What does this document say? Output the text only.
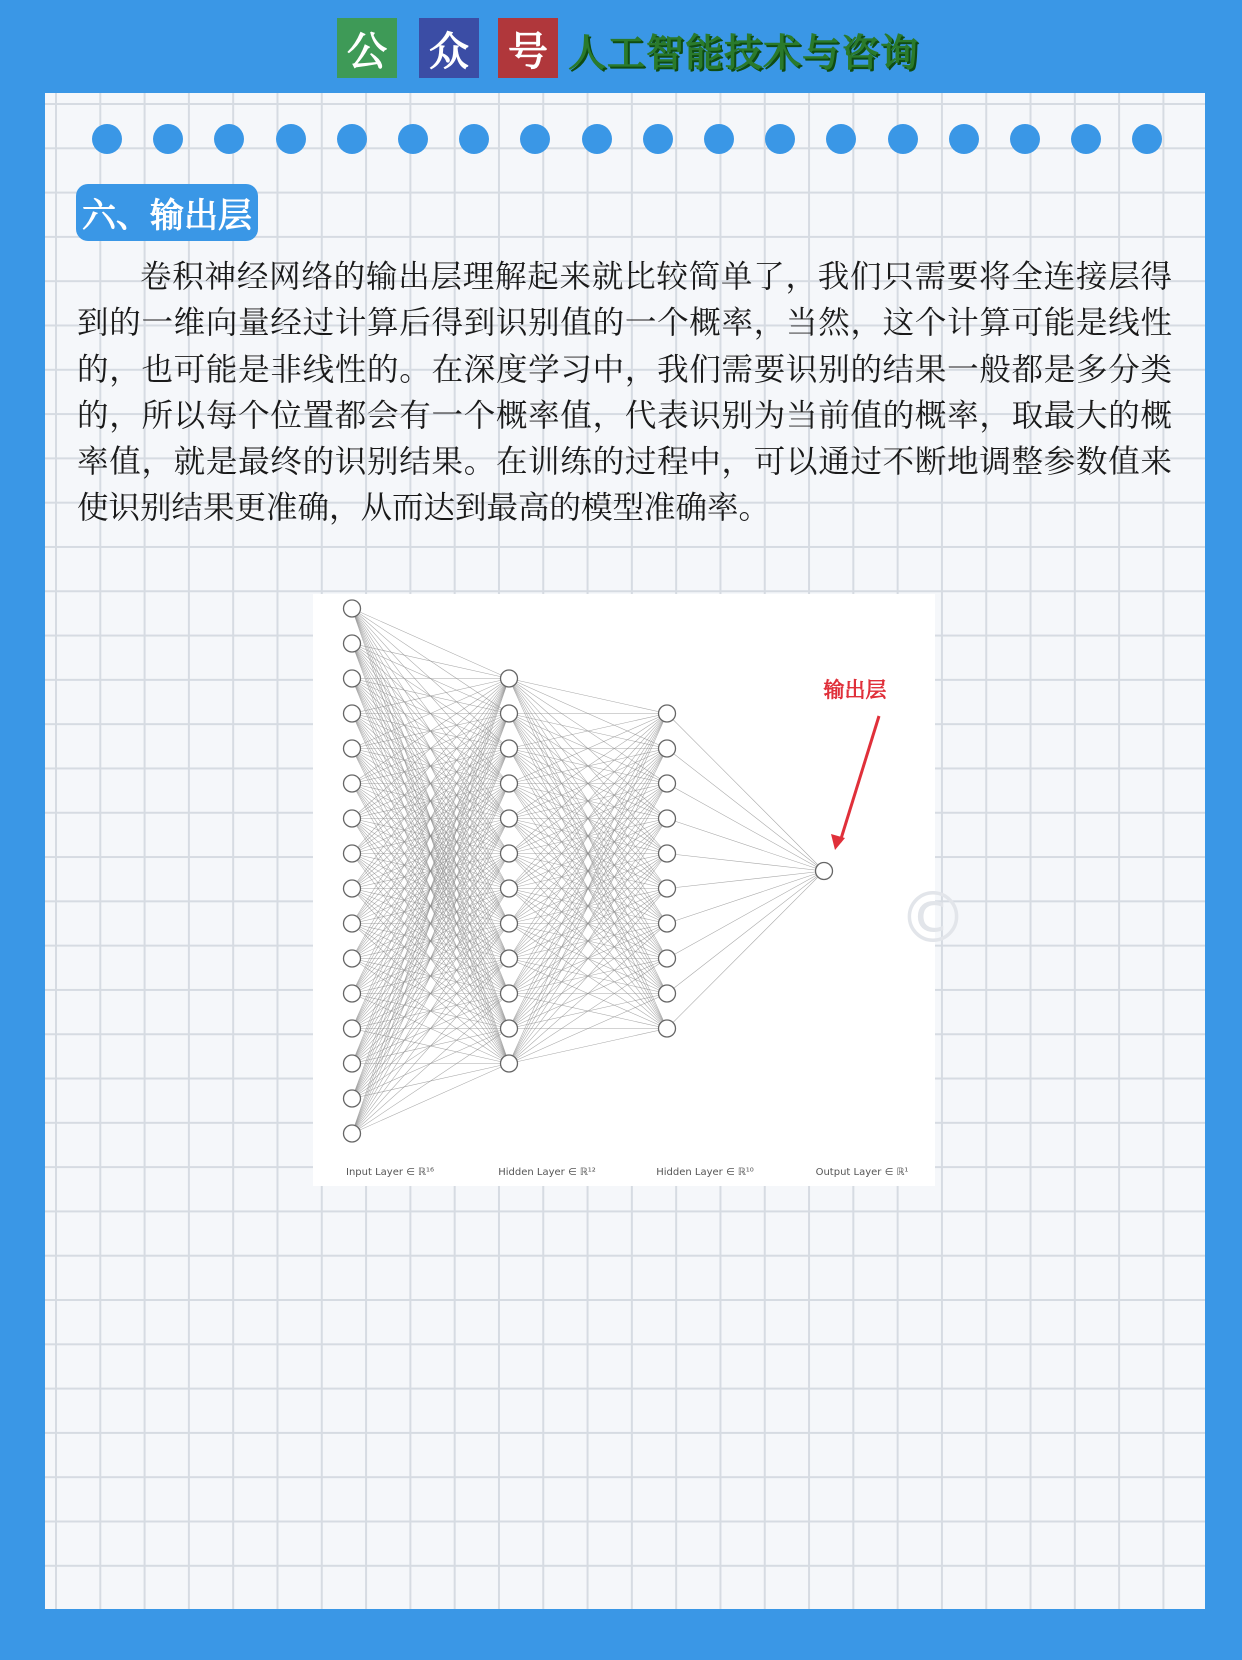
公 众 号 人工智能技术与咨询
六、输出层

卷积神经网络的输出层理解起来就比较简单了，我们只需要将全连接层得到的一维向量经过计算后得到识别值的一个概率，当然，这个计算可能是线性的，也可能是非线性的。在深度学习中，我们需要识别的结果一般都是多分类的，所以每个位置都会有一个概率值，代表识别为当前值的概率，取最大的概率值，就是最终的识别结果。在训练的过程中，可以通过不断地调整参数值来使识别结果更准确，从而达到最高的模型准确率。

Input Layer ∈ ℝ¹⁶	Hidden Layer ∈ ℝ¹²	Hidden Layer ∈ ℝ¹⁰	Output Layer ∈ ℝ¹
输出层
©
